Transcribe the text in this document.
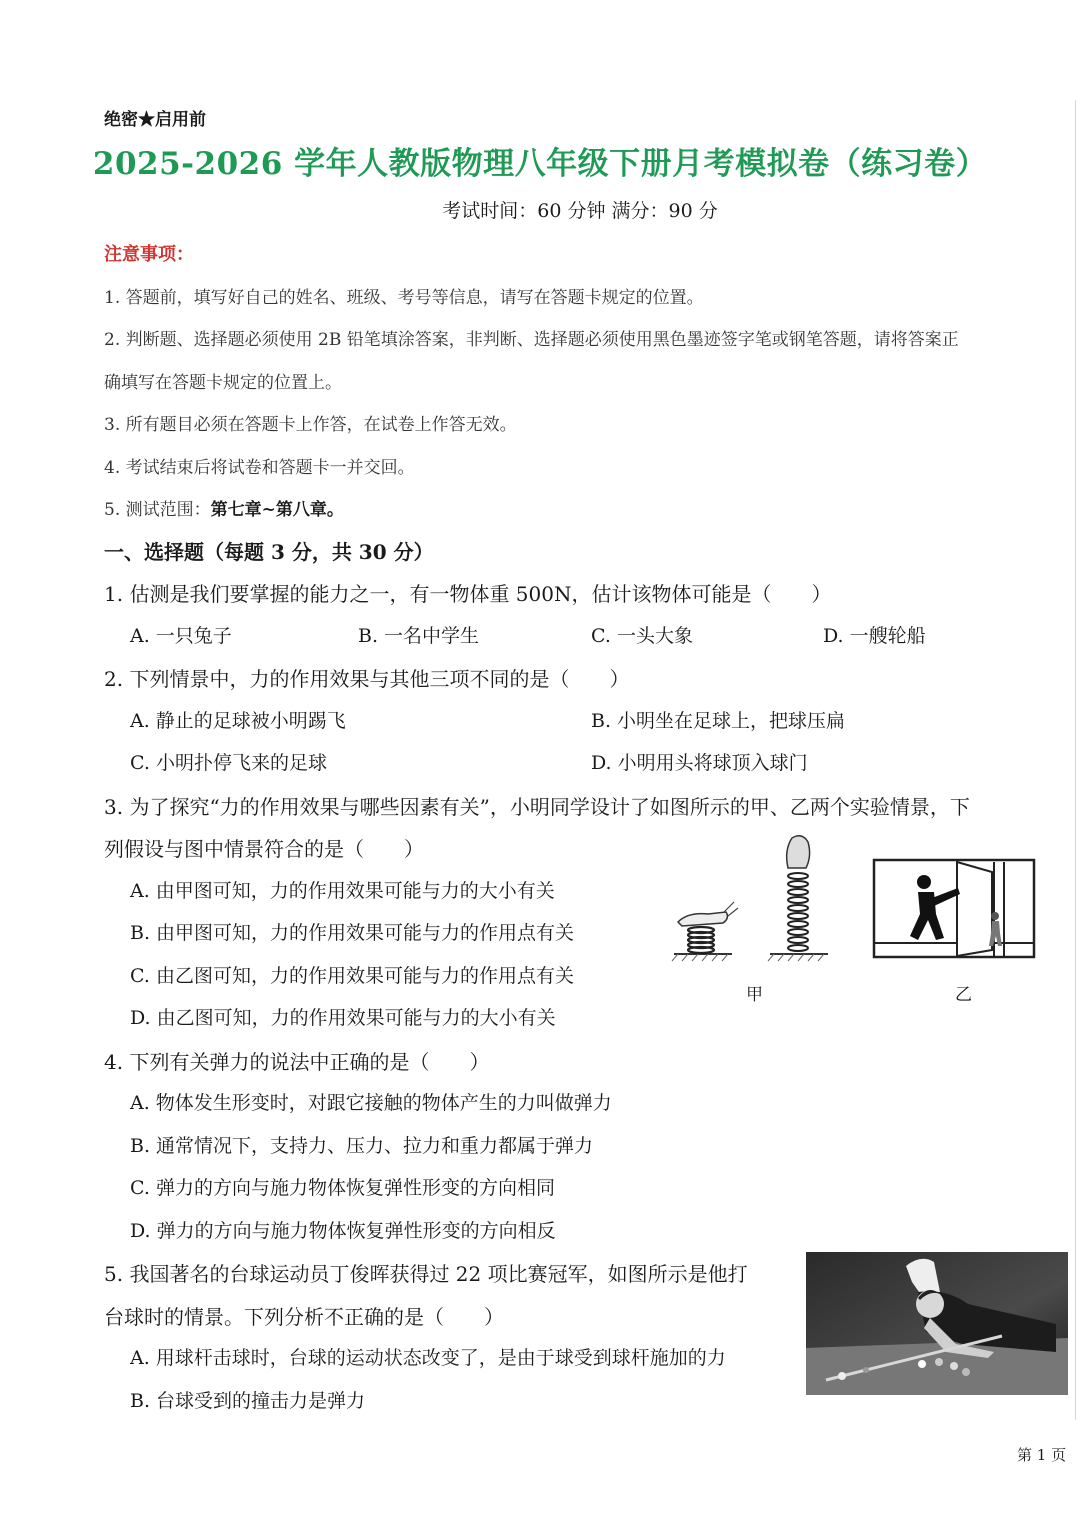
绝密★启用前
2025-2026 学年人教版物理八年级下册月考模拟卷（练习卷）
考试时间：60 分钟 满分：90 分
注意事项：
1. 答题前，填写好自己的姓名、班级、考号等信息，请写在答题卡规定的位置。
2. 判断题、选择题必须使用 2B 铅笔填涂答案，非判断、选择题必须使用黑色墨迹签字笔或钢笔答题，请将答案正
确填写在答题卡规定的位置上。
3. 所有题目必须在答题卡上作答，在试卷上作答无效。
4. 考试结束后将试卷和答题卡一并交回。
5. 测试范围：第七章~第八章。
一、选择题（每题 3 分，共 30 分）
1. 估测是我们要掌握的能力之一，有一物体重 500N，估计该物体可能是（　　）
A. 一只兔子	B. 一名中学生	C. 一头大象	D. 一艘轮船
2. 下列情景中，力的作用效果与其他三项不同的是（　　）
A. 静止的足球被小明踢飞	B. 小明坐在足球上，把球压扁
C. 小明扑停飞来的足球	D. 小明用头将球顶入球门
3. 为了探究“力的作用效果与哪些因素有关”，小明同学设计了如图所示的甲、乙两个实验情景，下
列假设与图中情景符合的是（　　）
A. 由甲图可知，力的作用效果可能与力的大小有关
B. 由甲图可知，力的作用效果可能与力的作用点有关
C. 由乙图可知，力的作用效果可能与力的作用点有关
D. 由乙图可知，力的作用效果可能与力的大小有关
甲	乙
4. 下列有关弹力的说法中正确的是（　　）
A. 物体发生形变时，对跟它接触的物体产生的力叫做弹力
B. 通常情况下，支持力、压力、拉力和重力都属于弹力
C. 弹力的方向与施力物体恢复弹性形变的方向相同
D. 弹力的方向与施力物体恢复弹性形变的方向相反
5. 我国著名的台球运动员丁俊晖获得过 22 项比赛冠军，如图所示是他打
台球时的情景。下列分析不正确的是（　　）
A. 用球杆击球时，台球的运动状态改变了，是由于球受到球杆施加的力
B. 台球受到的撞击力是弹力
第 1 页
